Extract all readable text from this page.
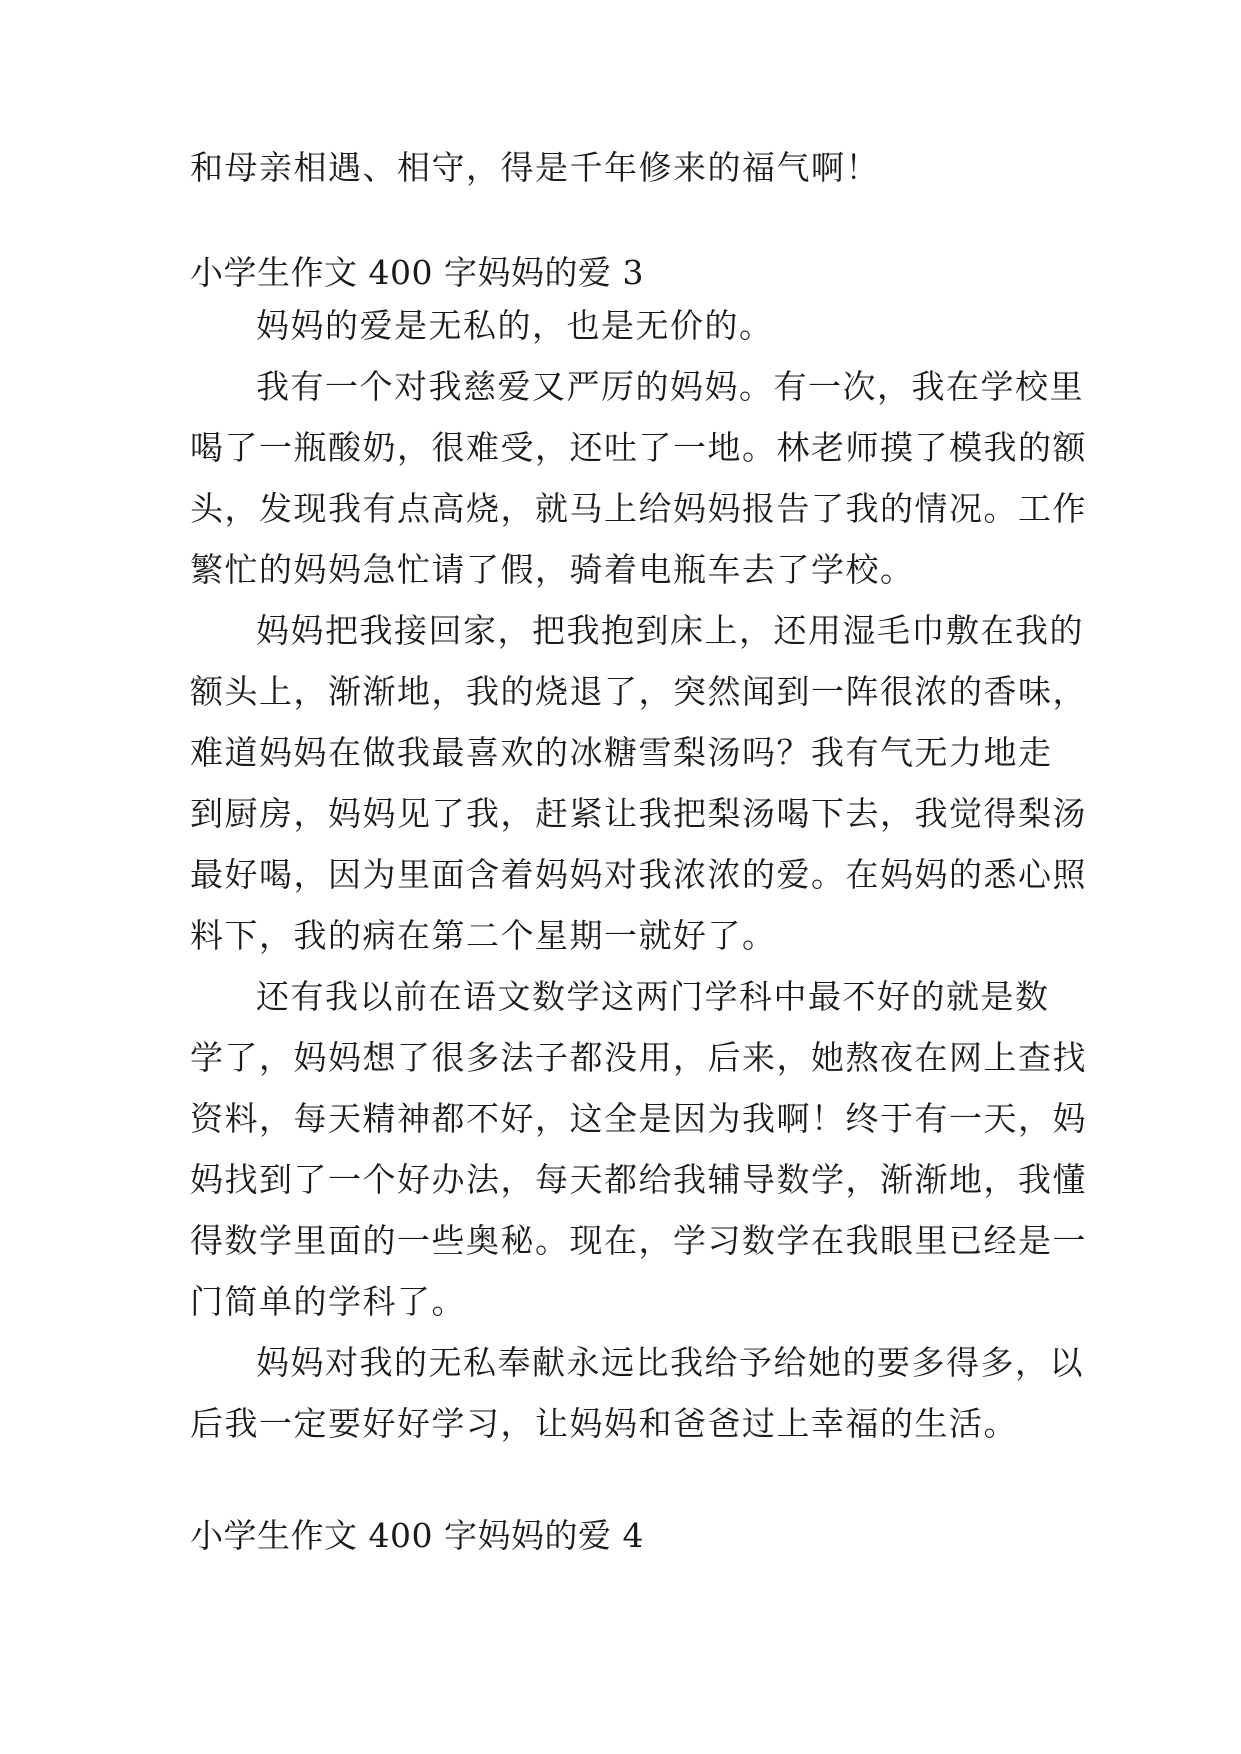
和母亲相遇、相守，得是千年修来的福气啊！
小学生作文 400 字妈妈的爱 3
妈妈的爱是无私的，也是无价的。
我有一个对我慈爱又严厉的妈妈。有一次，我在学校里
喝了一瓶酸奶，很难受，还吐了一地。林老师摸了模我的额
头，发现我有点高烧，就马上给妈妈报告了我的情况。工作
繁忙的妈妈急忙请了假，骑着电瓶车去了学校。
妈妈把我接回家，把我抱到床上，还用湿毛巾敷在我的
额头上，渐渐地，我的烧退了，突然闻到一阵很浓的香味，
难道妈妈在做我最喜欢的冰糖雪梨汤吗？我有气无力地走
到厨房，妈妈见了我，赶紧让我把梨汤喝下去，我觉得梨汤
最好喝，因为里面含着妈妈对我浓浓的爱。在妈妈的悉心照
料下，我的病在第二个星期一就好了。
还有我以前在语文数学这两门学科中最不好的就是数
学了，妈妈想了很多法子都没用，后来，她熬夜在网上查找
资料，每天精神都不好，这全是因为我啊！终于有一天，妈
妈找到了一个好办法，每天都给我辅导数学，渐渐地，我懂
得数学里面的一些奥秘。现在，学习数学在我眼里已经是一
门简单的学科了。
妈妈对我的无私奉献永远比我给予给她的要多得多，以
后我一定要好好学习，让妈妈和爸爸过上幸福的生活。
小学生作文 400 字妈妈的爱 4
